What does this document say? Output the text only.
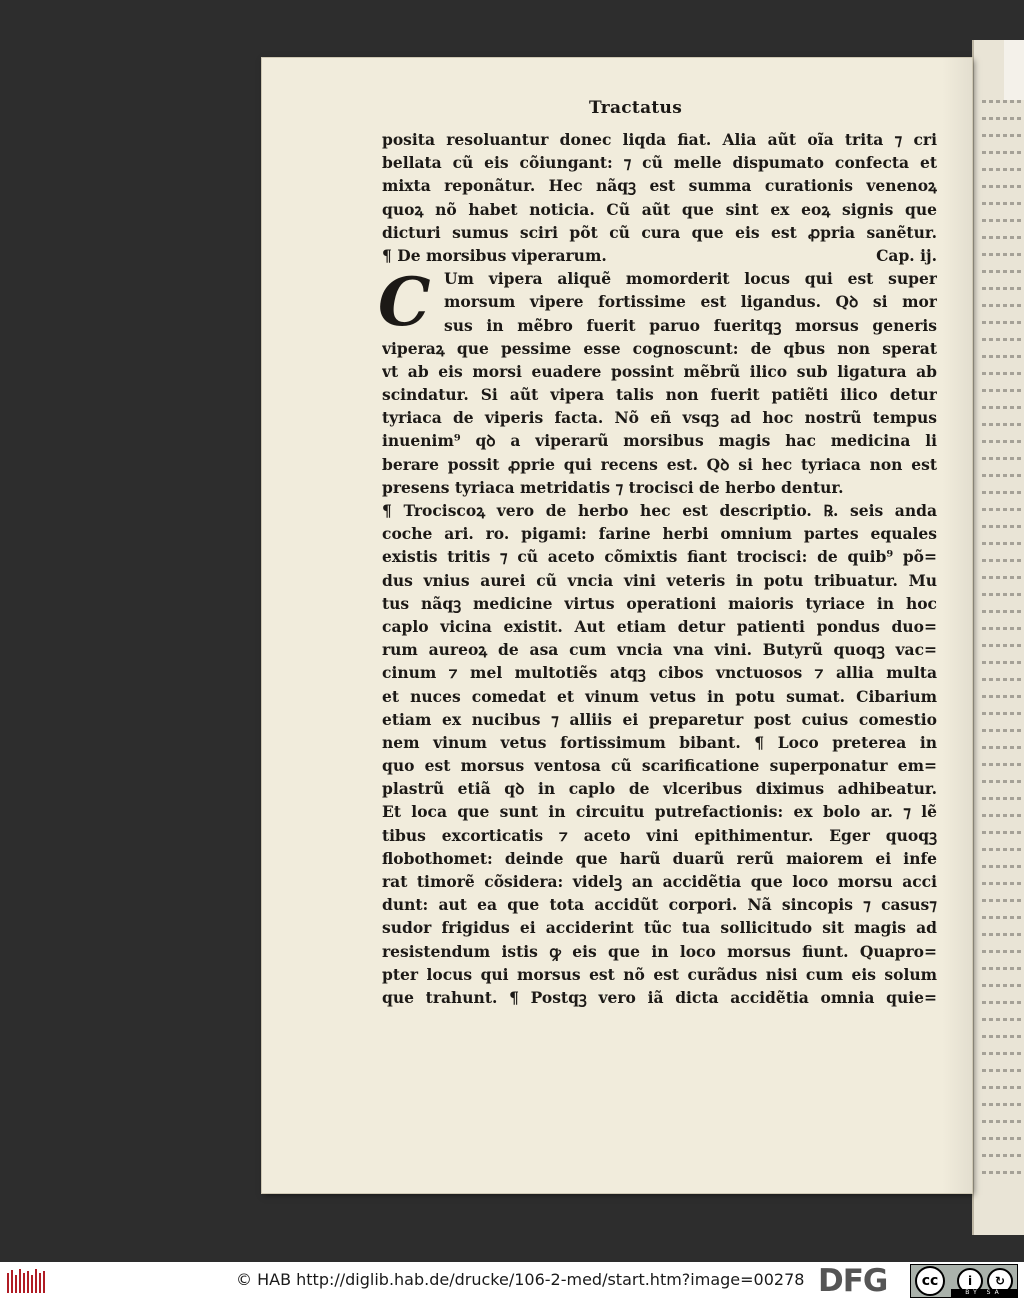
Tractatus
posita resoluantur donec liqda fiat. Alia aũt oĩa trita ⁊ cri
bellata cũ eis cõiungant: ⁊ cũ melle dispumato confecta et
mixta reponãtur. Hec nãqꝫ est summa curationis venenoꝝ
quoꝝ nõ habet noticia. Cũ aũt que sint ex eoꝝ signis que
dicturi sumus sciri põt cũ cura que eis est ꝓpria sanẽtur.
¶ De morsibus viperarum.	Cap. ij.
C Um vipera aliquẽ momorderit locus qui est super
morsum vipere fortissime est ligandus. Qꝺ si mor
sus in mẽbro fuerit paruo fueritqꝫ morsus generis
viperaꝝ que pessime esse cognoscunt: de qbus non sperat
vt ab eis morsi euadere possint mẽbrũ ilico sub ligatura ab
scindatur. Si aũt vipera talis non fuerit patiẽti ilico detur
tyriaca de viperis facta. Nõ eñ vsqꝫ ad hoc nostrũ tempus
inuenim⁹ qꝺ a viperarũ morsibus magis hac medicina li
berare possit ꝓprie qui recens est. Qꝺ si hec tyriaca non est
presens tyriaca metridatis ⁊ trocisci de herbo dentur.
¶ Trociscoꝝ vero de herbo hec est descriptio. ℞. seis anda
coche ari. ro. pigami: farine herbi omnium partes equales
existis tritis ⁊ cũ aceto cõmixtis fiant trocisci: de quib⁹ põ=
dus vnius aurei cũ vncia vini veteris in potu tribuatur. Mu
tus nãqꝫ medicine virtus operationi maioris tyriace in hoc
caplo vicina existit. Aut etiam detur patienti pondus duo=
rum aureoꝝ de asa cum vncia vna vini. Butyrũ quoqꝫ vac=
cinum ⁊ mel multotiẽs atqꝫ cibos vnctuosos ⁊ allia multa
et nuces comedat et vinum vetus in potu sumat. Cibarium
etiam ex nucibus ⁊ alliis ei preparetur post cuius comestio
nem vinum vetus fortissimum bibant. ¶ Loco preterea in
quo est morsus ventosa cũ scarificatione superponatur em=
plastrũ etiã qꝺ in caplo de vlceribus diximus adhibeatur.
Et loca que sunt in circuitu putrefactionis: ex bolo ar. ⁊ lẽ
tibus excorticatis ⁊ aceto vini epithimentur. Eger quoqꝫ
flobothomet: deinde que harũ duarũ rerũ maiorem ei infe
rat timorẽ cõsidera: videlꝫ an accidẽtia que loco morsu acci
dunt: aut ea que tota accidũt corpori. Nã sincopis ⁊ casus⁊
sudor frigidus ei acciderint tũc tua sollicitudo sit magis ad
resistendum istis ꝙ eis que in loco morsus fiunt. Quapro=
pter locus qui morsus est nõ est curãdus nisi cum eis solum
que trahunt. ¶ Postqꝫ vero iã dicta accidẽtia omnia quie=
© HAB http://diglib.hab.de/drucke/106-2-med/start.htm?image=00278 DFG	cc	i	↻
BY SA
